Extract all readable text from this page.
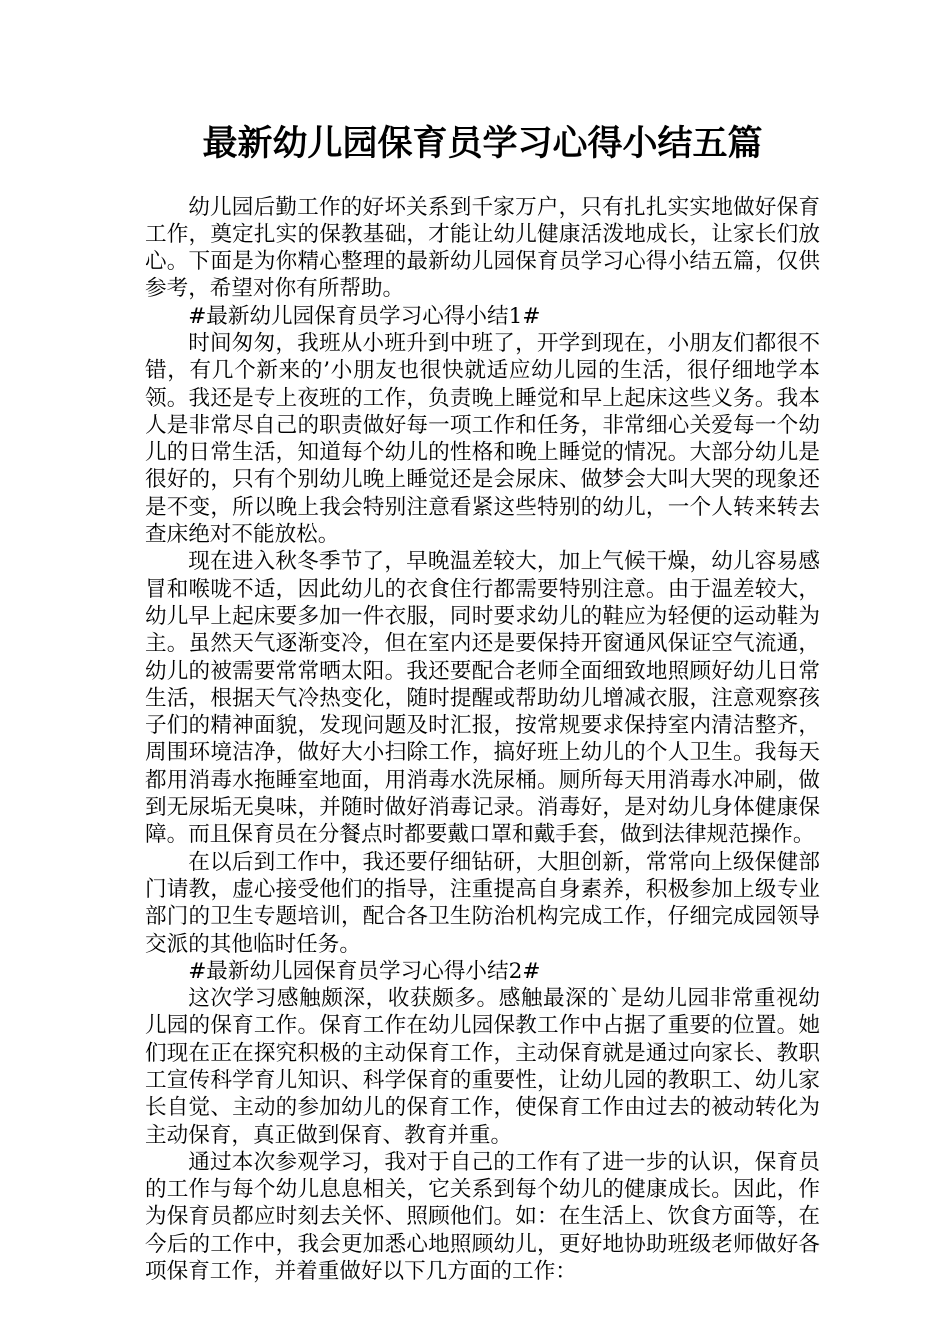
最新幼儿园保育员学习心得小结五篇

幼儿园后勤工作的好坏关系到千家万户，只有扎扎实实地做好保育工作，奠定扎实的保教基础，才能让幼儿健康活泼地成长，让家长们放心。下面是为你精心整理的最新幼儿园保育员学习心得小结五篇，仅供参考，希望对你有所帮助。

#最新幼儿园保育员学习心得小结1#

时间匆匆，我班从小班升到中班了，开学到现在，小朋友们都很不错，有几个新来的’小朋友也很快就适应幼儿园的生活，很仔细地学本领。我还是专上夜班的工作，负责晚上睡觉和早上起床这些义务。我本人是非常尽自己的职责做好每一项工作和任务，非常细心关爱每一个幼儿的日常生活，知道每个幼儿的性格和晚上睡觉的情况。大部分幼儿是很好的，只有个别幼儿晚上睡觉还是会尿床、做梦会大叫大哭的现象还是不变，所以晚上我会特别注意看紧这些特别的幼儿，一个人转来转去查床绝对不能放松。

现在进入秋冬季节了，早晚温差较大，加上气候干燥，幼儿容易感冒和喉咙不适，因此幼儿的衣食住行都需要特别注意。由于温差较大，幼儿早上起床要多加一件衣服，同时要求幼儿的鞋应为轻便的运动鞋为主。虽然天气逐渐变冷，但在室内还是要保持开窗通风保证空气流通，幼儿的被需要常常晒太阳。我还要配合老师全面细致地照顾好幼儿日常生活，根据天气冷热变化，随时提醒或帮助幼儿增减衣服，注意观察孩子们的精神面貌，发现问题及时汇报，按常规要求保持室内清洁整齐，周围环境洁净，做好大小扫除工作，搞好班上幼儿的个人卫生。我每天都用消毒水拖睡室地面，用消毒水洗尿桶。厕所每天用消毒水冲刷，做到无尿垢无臭味，并随时做好消毒记录。消毒好，是对幼儿身体健康保障。而且保育员在分餐点时都要戴口罩和戴手套，做到法律规范操作。

在以后到工作中，我还要仔细钻研，大胆创新，常常向上级保健部门请教，虚心接受他们的指导，注重提高自身素养，积极参加上级专业部门的卫生专题培训，配合各卫生防治机构完成工作，仔细完成园领导交派的其他临时任务。

#最新幼儿园保育员学习心得小结2#

这次学习感触颇深，收获颇多。感触最深的`是幼儿园非常重视幼儿园的保育工作。保育工作在幼儿园保教工作中占据了重要的位置。她们现在正在探究积极的主动保育工作，主动保育就是通过向家长、教职工宣传科学育儿知识、科学保育的重要性，让幼儿园的教职工、幼儿家长自觉、主动的参加幼儿的保育工作，使保育工作由过去的被动转化为主动保育，真正做到保育、教育并重。

通过本次参观学习，我对于自己的工作有了进一步的认识，保育员的工作与每个幼儿息息相关，它关系到每个幼儿的健康成长。因此，作为保育员都应时刻去关怀、照顾他们。如：在生活上、饮食方面等，在今后的工作中，我会更加悉心地照顾幼儿，更好地协助班级老师做好各项保育工作，并着重做好以下几方面的工作：
